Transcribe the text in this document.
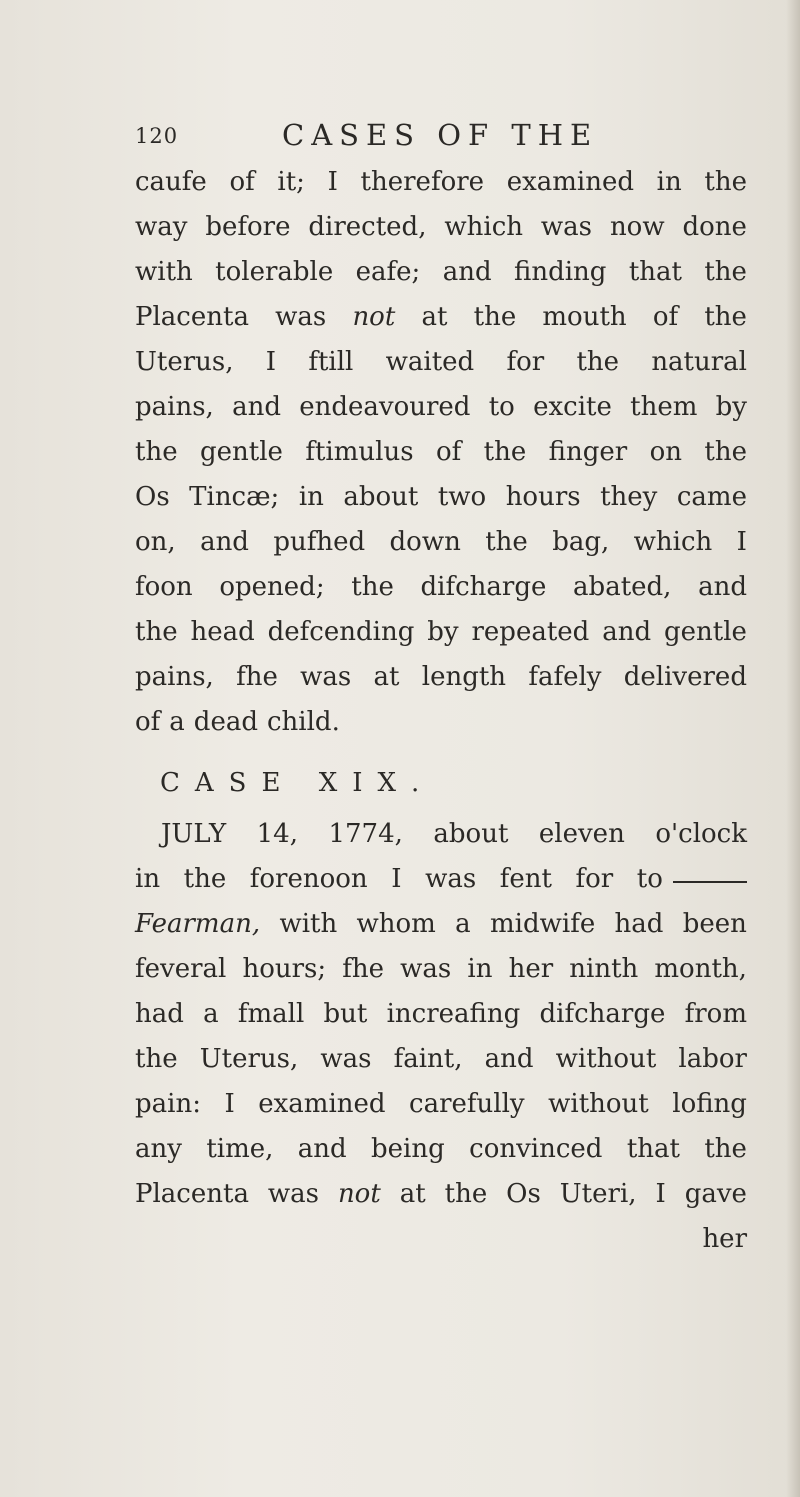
120	CASES OF THE
caufe of it; I therefore examined in the
way before directed, which was now done
with tolerable eafe; and finding that the
Placenta was not at the mouth of the
Uterus, I ftill waited for the natural
pains, and endeavoured to excite them by
the gentle ftimulus of the finger on the
Os Tincæ; in about two hours they came
on, and pufhed down the bag, which I
foon opened; the difcharge abated, and
the head defcending by repeated and gentle
pains, fhe was at length fafely delivered
of a dead child.
CASE XIX.
JULY 14, 1774, about eleven o'clock
in the forenoon I was fent for to
Fearman, with whom a midwife had been
feveral hours; fhe was in her ninth month,
had a fmall but increafing difcharge from
the Uterus, was faint, and without labor
pain: I examined carefully without lofing
any time, and being convinced that the
Placenta was not at the Os Uteri, I gave
her
